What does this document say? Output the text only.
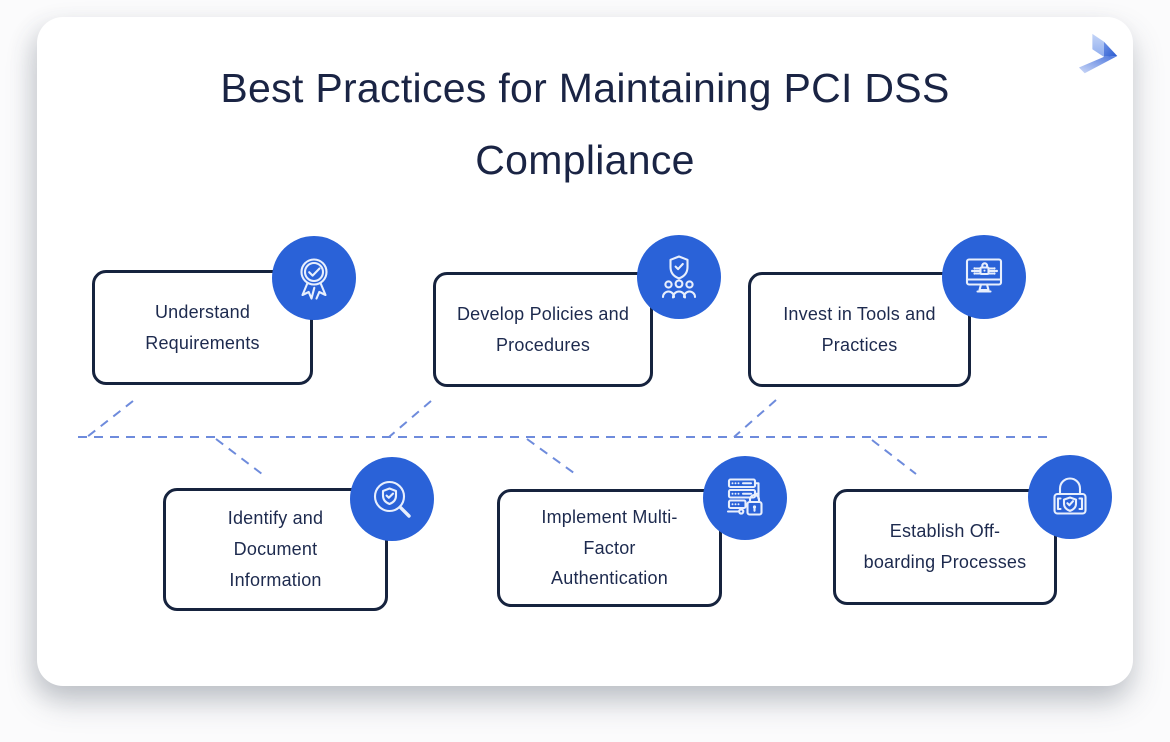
Best Practices for Maintaining PCI DSS Compliance
Understand Requirements
Develop Policies and Procedures
Invest in Tools and Practices
Identify and Document Information
Implement Multi-Factor Authentication
Establish Off-boarding Processes
